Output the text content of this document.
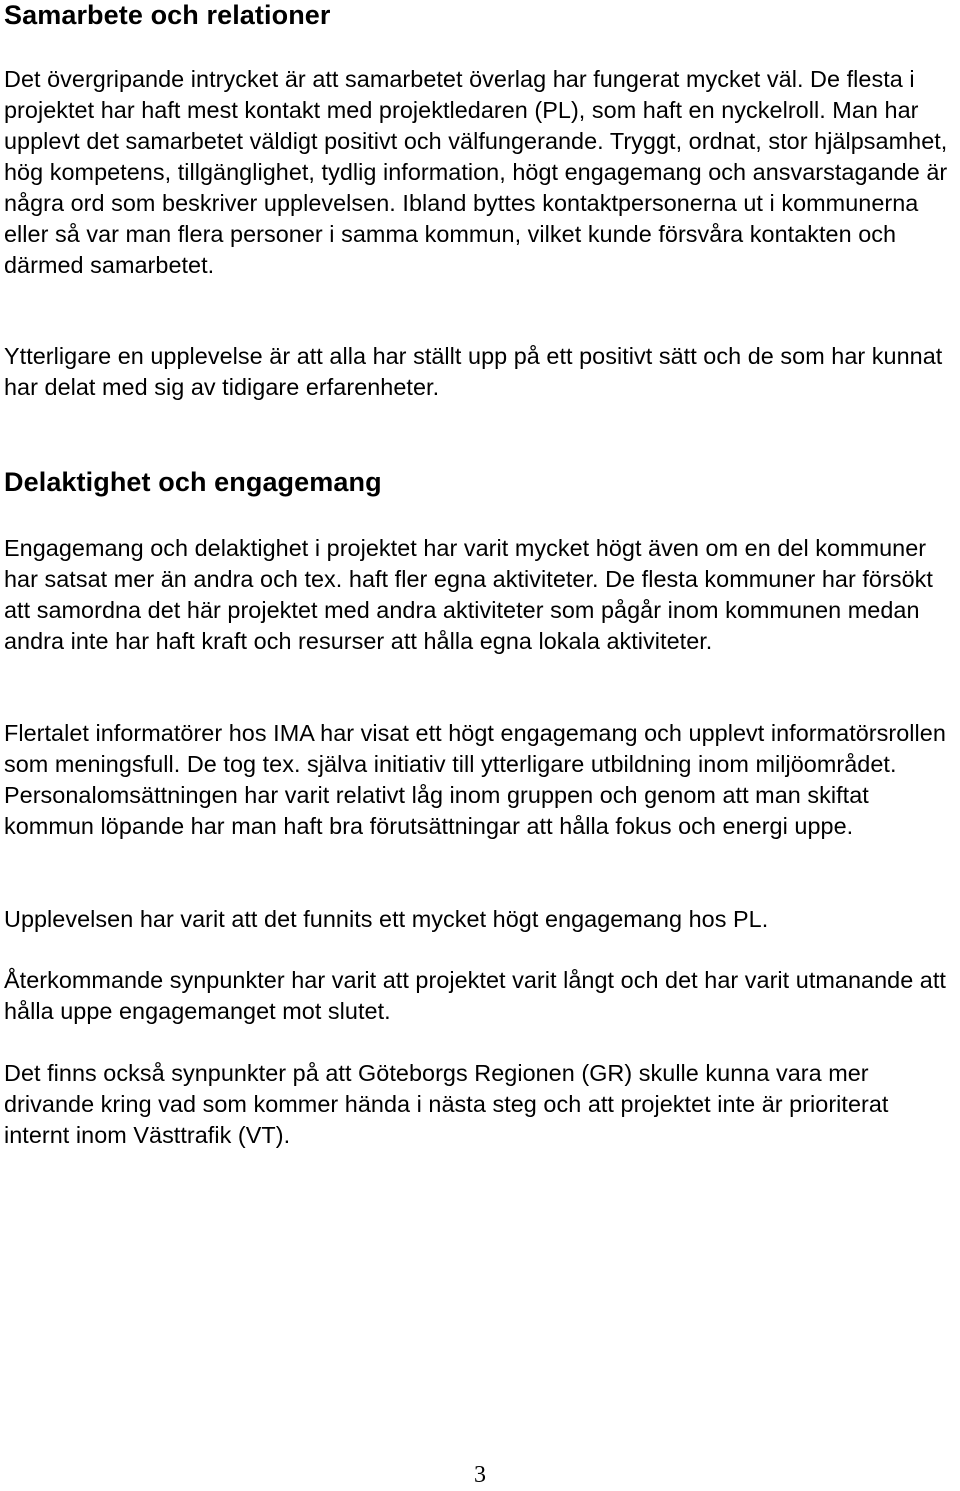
Samarbete och relationer

Det övergripande intrycket är att samarbetet överlag har fungerat mycket väl. De flesta i projektet har haft mest kontakt med projektledaren (PL), som haft en nyckelroll. Man har upplevt det samarbetet väldigt positivt och välfungerande. Tryggt, ordnat, stor hjälpsamhet, hög kompetens, tillgänglighet, tydlig information, högt engagemang och ansvarstagande är några ord som beskriver upplevelsen. Ibland byttes kontaktpersonerna ut i kommunerna eller så var man flera personer i samma kommun, vilket kunde försvåra kontakten och därmed samarbetet.

Ytterligare en upplevelse är att alla har ställt upp på ett positivt sätt och de som har kunnat har delat med sig av tidigare erfarenheter.

Delaktighet och engagemang

Engagemang och delaktighet i projektet har varit mycket högt även om en del kommuner har satsat mer än andra och tex. haft fler egna aktiviteter. De flesta kommuner har försökt att samordna det här projektet med andra aktiviteter som pågår inom kommunen medan andra inte har haft kraft och resurser att hålla egna lokala aktiviteter.

Flertalet informatörer hos IMA har visat ett högt engagemang och upplevt informatörsrollen som meningsfull. De tog tex. själva initiativ till ytterligare utbildning inom miljöområdet. Personalomsättningen har varit relativt låg inom gruppen och genom att man skiftat kommun löpande har man haft bra förutsättningar att hålla fokus och energi uppe.

Upplevelsen har varit att det funnits ett mycket högt engagemang hos PL.

Återkommande synpunkter har varit att projektet varit långt och det har varit utmanande att hålla uppe engagemanget mot slutet.

Det finns också synpunkter på att Göteborgs Regionen (GR) skulle kunna vara mer drivande kring vad som kommer hända i nästa steg och att projektet inte är prioriterat internt inom Västtrafik (VT).

3
